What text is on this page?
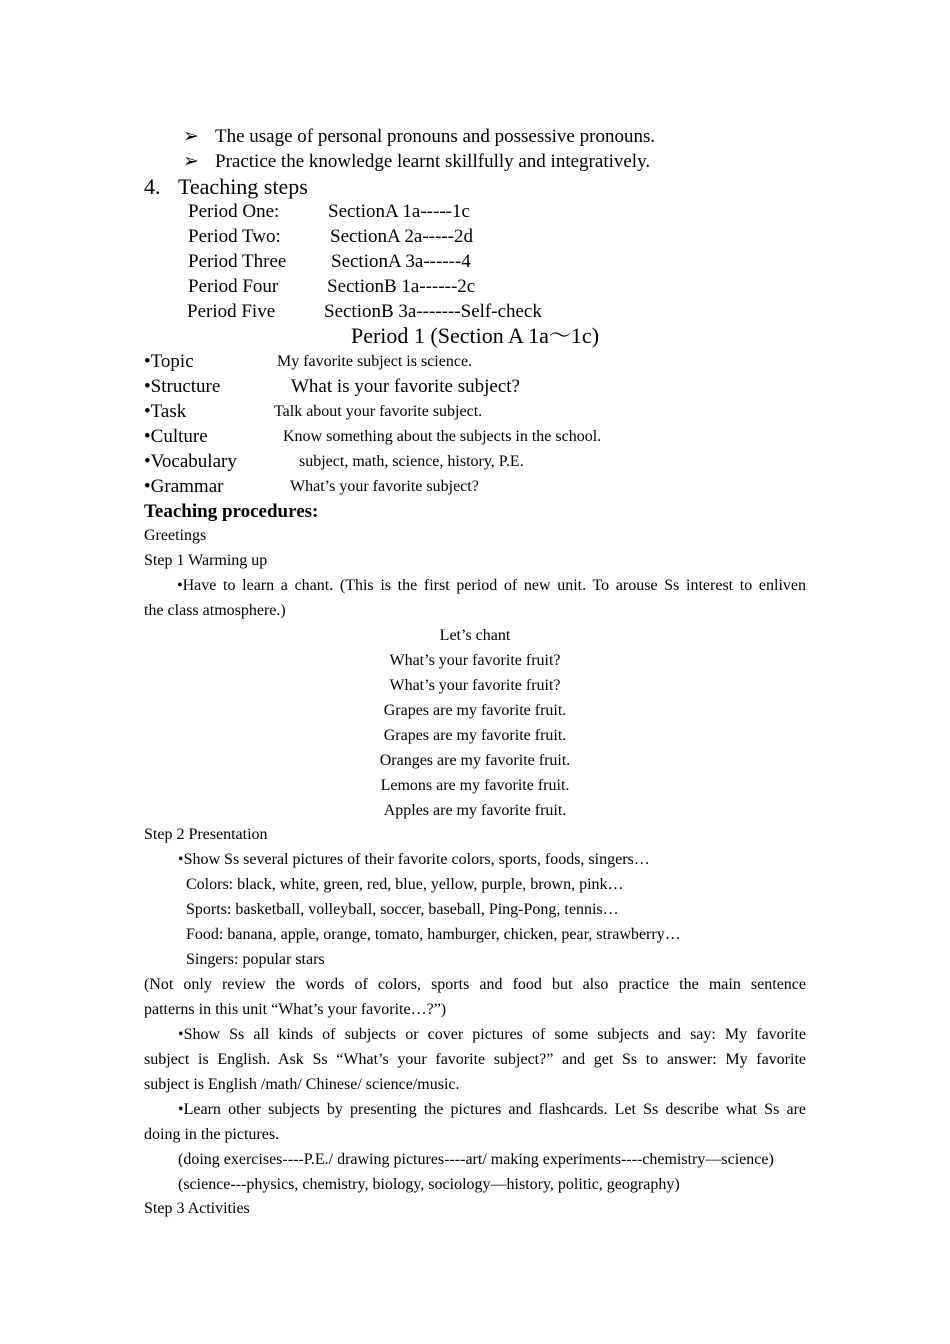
➢ The usage of personal pronouns and possessive pronouns.
➢ Practice the knowledge learnt skillfully and integratively.
4. Teaching steps
Period One:	SectionA 1a-----1c
Period Two:	SectionA 2a-----2d
Period Three SectionA 3a------4
Period Four	SectionB 1a------2c
Period Five	SectionB 3a-------Self-check
Period 1 (Section A 1a～1c)
•Topic	My favorite subject is science.
•Structure	What is your favorite subject?
•Task	Talk about your favorite subject.
•Culture	Know something about the subjects in the school.
•Vocabulary	subject, math, science, history, P.E.
•Grammar	What’s your favorite subject?
Teaching procedures:
Greetings
Step 1 Warming up
•Have to learn a chant. (This is the first period of new unit. To arouse Ss interest to enliven
the class atmosphere.)
Let’s chant
What’s your favorite fruit?
What’s your favorite fruit?
Grapes are my favorite fruit.
Grapes are my favorite fruit.
Oranges are my favorite fruit.
Lemons are my favorite fruit.
Apples are my favorite fruit.
Step 2 Presentation
•Show Ss several pictures of their favorite colors, sports, foods, singers…
Colors: black, white, green, red, blue, yellow, purple, brown, pink…
Sports: basketball, volleyball, soccer, baseball, Ping-Pong, tennis…
Food: banana, apple, orange, tomato, hamburger, chicken, pear, strawberry…
Singers: popular stars
(Not only review the words of colors, sports and food but also practice the main sentence
patterns in this unit “What’s your favorite…?”)
•Show Ss all kinds of subjects or cover pictures of some subjects and say: My favorite
subject is English. Ask Ss “What’s your favorite subject?” and get Ss to answer: My favorite
subject is English /math/ Chinese/ science/music.
•Learn other subjects by presenting the pictures and flashcards. Let Ss describe what Ss are
doing in the pictures.
(doing exercises----P.E./ drawing pictures----art/ making experiments----chemistry—science)
(science---physics, chemistry, biology, sociology—history, politic, geography)
Step 3 Activities
